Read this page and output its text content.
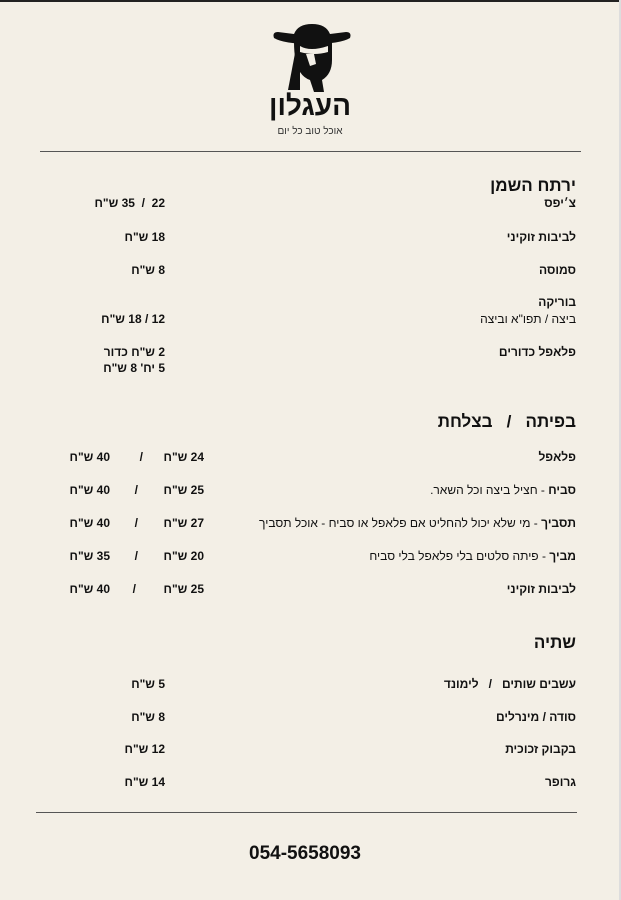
העגלון
אוכל טוב כל יום
ירתח השמן
צ׳יפס
22  /  35 ש"ח
לביבות זוקיני
18 ש"ח
סמוסה
8 ש"ח
בוריקה
ביצה / תפו"א וביצה
12 / 18 ש"ח
פלאפל כדורים
2 ש"ח כדור
5 יח' 8 ש"ח
בפיתה   /   בצלחת
פלאפל
24 ש"ח
/
40 ש"ח
סביח - חציל ביצה וכל השאר.
25 ש"ח
/
40 ש"ח
תסביך - מי שלא יכול להחליט אם פלאפל או סביח - אוכל תסביך
27 ש"ח
/
40 ש"ח
מביך - פיתה סלטים בלי פלאפל בלי סביח
20 ש"ח
/
35 ש"ח
לביבות זוקיני
25 ש"ח
/
40 ש"ח
שתיה
עשבים שותים   /   לימונד
5 ש"ח
סודה / מינרלים
8 ש"ח
בקבוק זכוכית
12 ש"ח
גרופר
14 ש"ח
054-5658093
